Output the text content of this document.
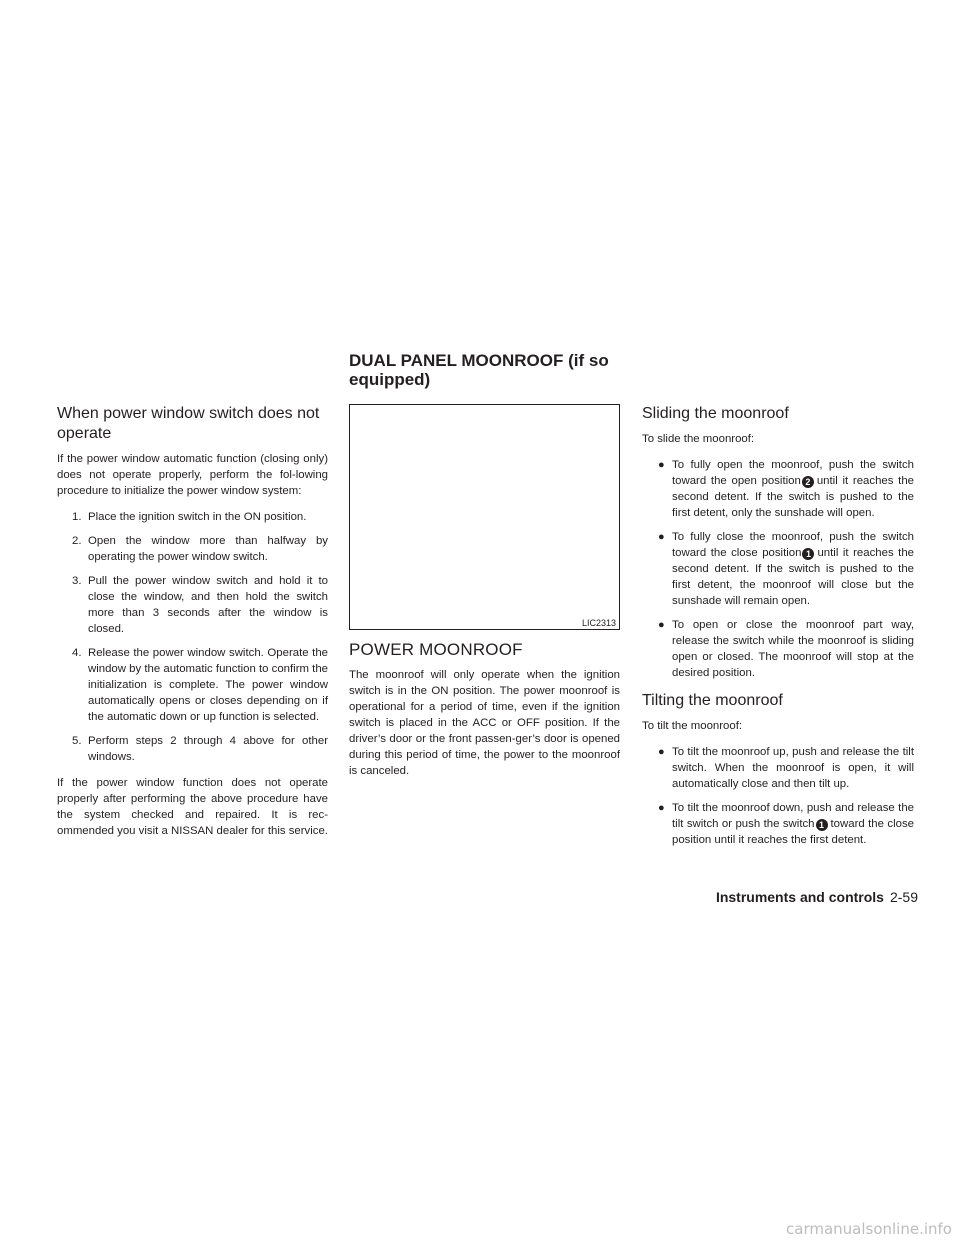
DUAL PANEL MOONROOF (if so equipped)
When power window switch does not operate

If the power window automatic function (closing only) does not operate properly, perform the fol-lowing procedure to initialize the power window system:

1. Place the ignition switch in the ON position.
2. Open the window more than halfway by operating the power window switch.
3. Pull the power window switch and hold it to close the window, and then hold the switch more than 3 seconds after the window is closed.
4. Release the power window switch. Operate the window by the automatic function to confirm the initialization is complete. The power window automatically opens or closes depending on if the automatic down or up function is selected.
5. Perform steps 2 through 4 above for other windows.

If the power window function does not operate properly after performing the above procedure have the system checked and repaired. It is rec-ommended you visit a NISSAN dealer for this service.

LIC2313
POWER MOONROOF

The moonroof will only operate when the ignition switch is in the ON position. The power moonroof is operational for a period of time, even if the ignition switch is placed in the ACC or OFF position. If the driver’s door or the front passen-ger’s door is opened during this period of time, the power to the moonroof is canceled.

Sliding the moonroof

To slide the moonroof:

● To fully open the moonroof, push the switch toward the open position 2 until it reaches the second detent. If the switch is pushed to the first detent, only the sunshade will open.
● To fully close the moonroof, push the switch toward the close position 1 until it reaches the second detent. If the switch is pushed to the first detent, the moonroof will close but the sunshade will remain open.
● To open or close the moonroof part way, release the switch while the moonroof is sliding open or closed. The moonroof will stop at the desired position.
Tilting the moonroof

To tilt the moonroof:

● To tilt the moonroof up, push and release the tilt switch. When the moonroof is open, it will automatically close and then tilt up.
● To tilt the moonroof down, push and release the tilt switch or push the switch 1 toward the close position until it reaches the first detent.
Instruments and controls 2-59
carmanualsonline.info
